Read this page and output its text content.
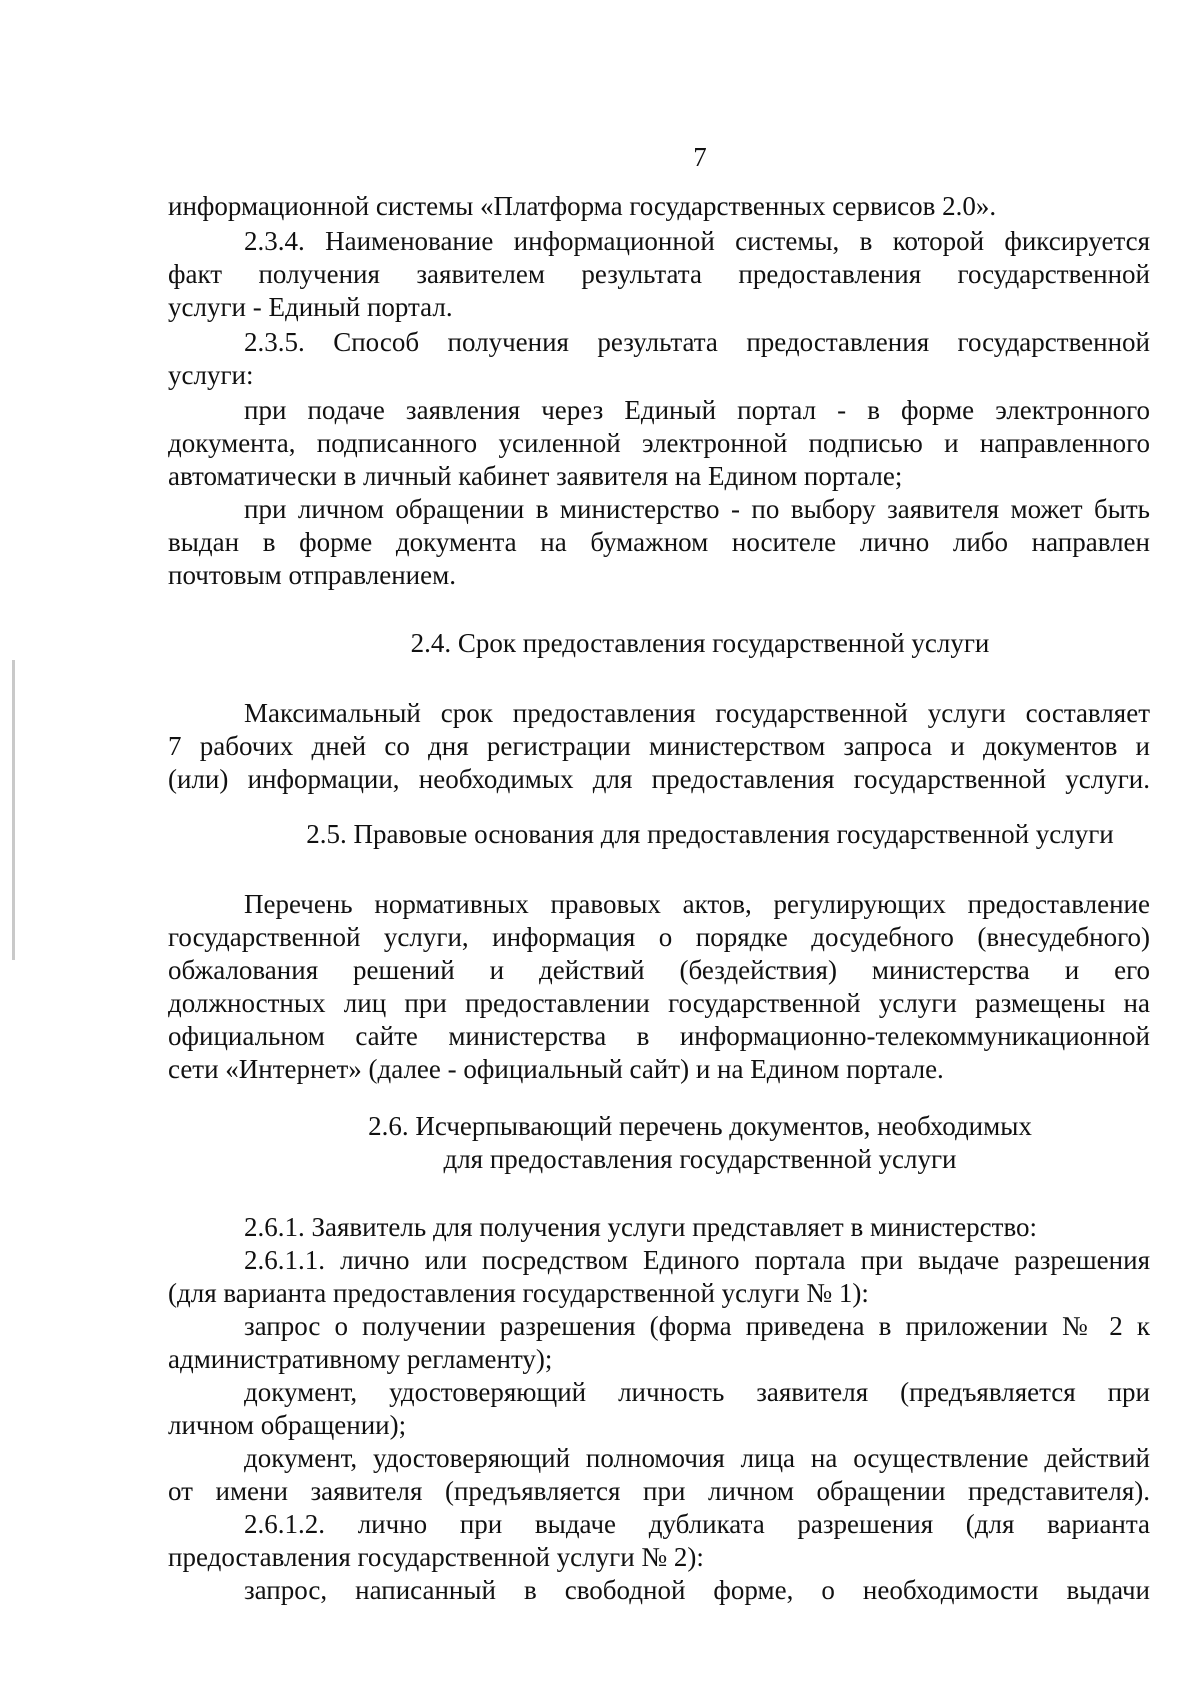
7
информационной системы «Платформа государственных сервисов 2.0».
2.3.4. Наименование информационной системы, в которой фиксируется
факт получения заявителем результата предоставления государственной
услуги - Единый портал.
2.3.5. Способ получения результата предоставления государственной
услуги:
при подаче заявления через Единый портал - в форме электронного
документа, подписанного усиленной электронной подписью и направленного
автоматически в личный кабинет заявителя на Едином портале;
при личном обращении в министерство - по выбору заявителя может быть
выдан в форме документа на бумажном носителе лично либо направлен
почтовым отправлением.
2.4. Срок предоставления государственной услуги
Максимальный срок предоставления государственной услуги составляет
7 рабочих дней со дня регистрации министерством запроса и документов и
(или) информации, необходимых для предоставления государственной услуги.
2.5. Правовые основания для предоставления государственной услуги
Перечень нормативных правовых актов, регулирующих предоставление
государственной услуги, информация о порядке досудебного (внесудебного)
обжалования решений и действий (бездействия) министерства и его
должностных лиц при предоставлении государственной услуги размещены на
официальном сайте министерства в информационно-телекоммуникационной
сети «Интернет» (далее - официальный сайт) и на Едином портале.
2.6. Исчерпывающий перечень документов, необходимых
для предоставления государственной услуги
2.6.1. Заявитель для получения услуги представляет в министерство:
2.6.1.1. лично или посредством Единого портала при выдаче разрешения
(для варианта предоставления государственной услуги № 1):
запрос о получении разрешения (форма приведена в приложении № 2 к
административному регламенту);
документ, удостоверяющий личность заявителя (предъявляется при
личном обращении);
документ, удостоверяющий полномочия лица на осуществление действий
от имени заявителя (предъявляется при личном обращении представителя).
2.6.1.2. лично при выдаче дубликата разрешения (для варианта
предоставления государственной услуги № 2):
запрос, написанный в свободной форме, о необходимости выдачи
